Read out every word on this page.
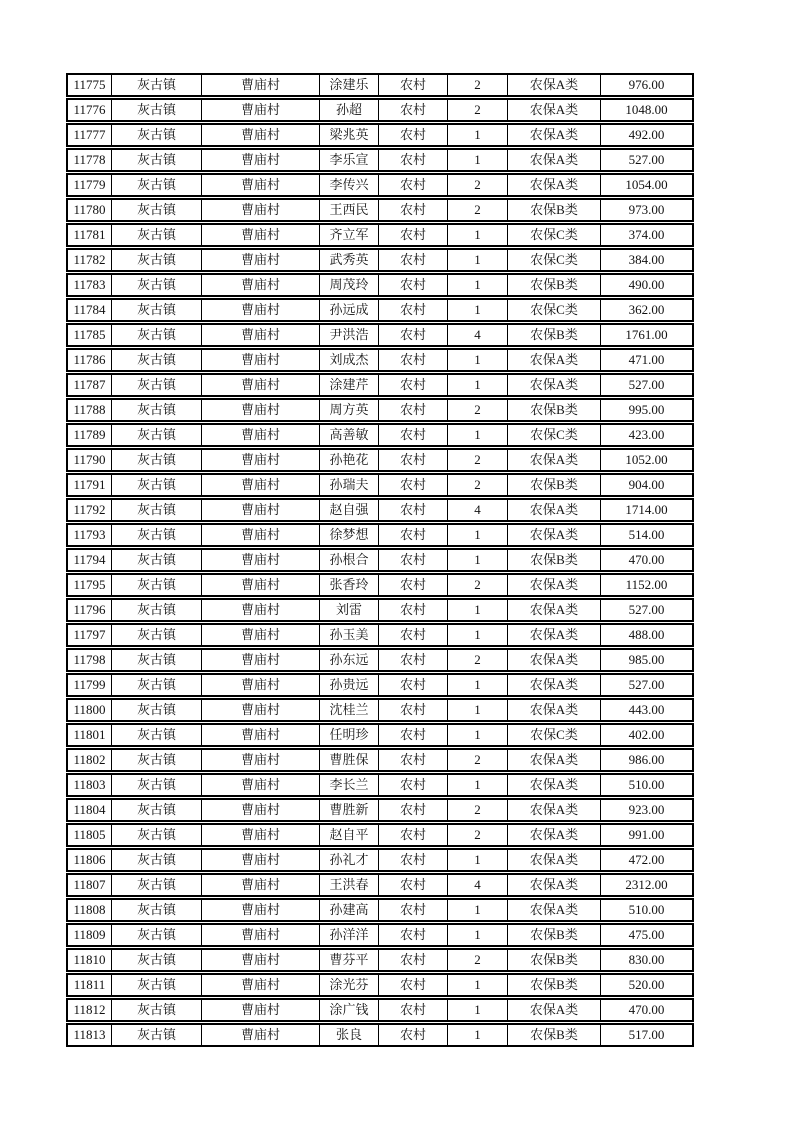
11775	灰古镇	曹庙村	涂建乐	农村	2	农保A类	976.00
11776	灰古镇	曹庙村	孙超	农村	2	农保A类	1048.00
11777	灰古镇	曹庙村	梁兆英	农村	1	农保A类	492.00
11778	灰古镇	曹庙村	李乐宣	农村	1	农保A类	527.00
11779	灰古镇	曹庙村	李传兴	农村	2	农保A类	1054.00
11780	灰古镇	曹庙村	王西民	农村	2	农保B类	973.00
11781	灰古镇	曹庙村	齐立军	农村	1	农保C类	374.00
11782	灰古镇	曹庙村	武秀英	农村	1	农保C类	384.00
11783	灰古镇	曹庙村	周茂玲	农村	1	农保B类	490.00
11784	灰古镇	曹庙村	孙远成	农村	1	农保C类	362.00
11785	灰古镇	曹庙村	尹洪浩	农村	4	农保B类	1761.00
11786	灰古镇	曹庙村	刘成杰	农村	1	农保A类	471.00
11787	灰古镇	曹庙村	涂建芹	农村	1	农保A类	527.00
11788	灰古镇	曹庙村	周方英	农村	2	农保B类	995.00
11789	灰古镇	曹庙村	高善敏	农村	1	农保C类	423.00
11790	灰古镇	曹庙村	孙艳花	农村	2	农保A类	1052.00
11791	灰古镇	曹庙村	孙瑞夫	农村	2	农保B类	904.00
11792	灰古镇	曹庙村	赵自强	农村	4	农保A类	1714.00
11793	灰古镇	曹庙村	徐梦想	农村	1	农保A类	514.00
11794	灰古镇	曹庙村	孙根合	农村	1	农保B类	470.00
11795	灰古镇	曹庙村	张香玲	农村	2	农保A类	1152.00
11796	灰古镇	曹庙村	刘雷	农村	1	农保A类	527.00
11797	灰古镇	曹庙村	孙玉美	农村	1	农保A类	488.00
11798	灰古镇	曹庙村	孙东远	农村	2	农保A类	985.00
11799	灰古镇	曹庙村	孙贵远	农村	1	农保A类	527.00
11800	灰古镇	曹庙村	沈桂兰	农村	1	农保A类	443.00
11801	灰古镇	曹庙村	任明珍	农村	1	农保C类	402.00
11802	灰古镇	曹庙村	曹胜保	农村	2	农保A类	986.00
11803	灰古镇	曹庙村	李长兰	农村	1	农保A类	510.00
11804	灰古镇	曹庙村	曹胜新	农村	2	农保A类	923.00
11805	灰古镇	曹庙村	赵自平	农村	2	农保A类	991.00
11806	灰古镇	曹庙村	孙礼才	农村	1	农保A类	472.00
11807	灰古镇	曹庙村	王洪春	农村	4	农保A类	2312.00
11808	灰古镇	曹庙村	孙建高	农村	1	农保A类	510.00
11809	灰古镇	曹庙村	孙洋洋	农村	1	农保B类	475.00
11810	灰古镇	曹庙村	曹芬平	农村	2	农保B类	830.00
11811	灰古镇	曹庙村	涂光芬	农村	1	农保B类	520.00
11812	灰古镇	曹庙村	涂广钱	农村	1	农保A类	470.00
11813	灰古镇	曹庙村	张良	农村	1	农保B类	517.00
